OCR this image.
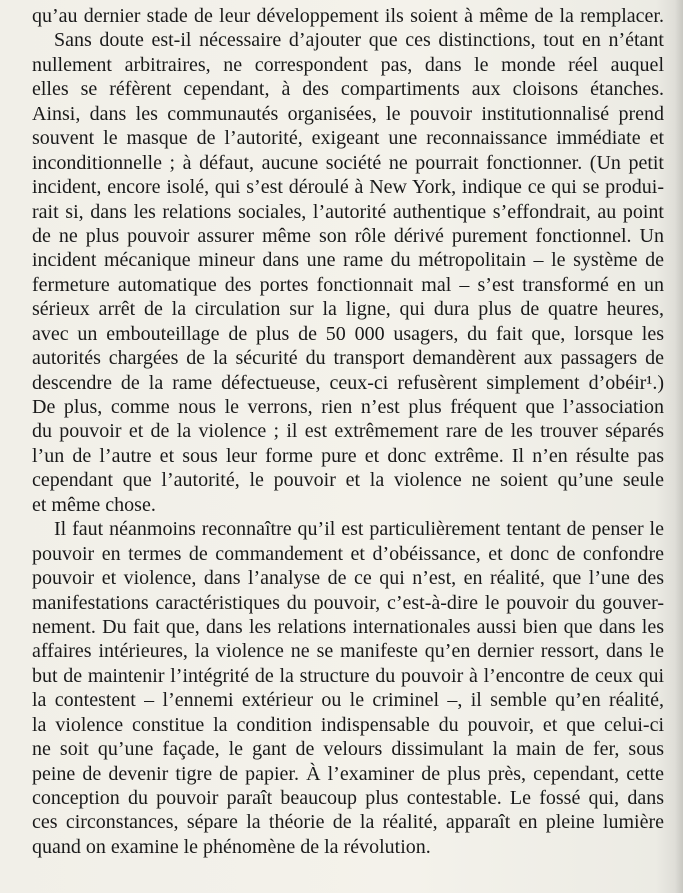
qu’au dernier stade de leur développement ils soient à même de la remplacer.
Sans doute est-il nécessaire d’ajouter que ces distinctions, tout en n’étant
nullement arbitraires, ne correspondent pas, dans le monde réel auquel
elles se réfèrent cependant, à des compartiments aux cloisons étanches.
Ainsi, dans les communautés organisées, le pouvoir institutionnalisé prend
souvent le masque de l’autorité, exigeant une reconnaissance immédiate et
inconditionnelle ; à défaut, aucune société ne pourrait fonctionner. (Un petit
incident, encore isolé, qui s’est déroulé à New York, indique ce qui se produi-
rait si, dans les relations sociales, l’autorité authentique s’effondrait, au point
de ne plus pouvoir assurer même son rôle dérivé purement fonctionnel. Un
incident mécanique mineur dans une rame du métropolitain – le système de
fermeture automatique des portes fonctionnait mal – s’est transformé en un
sérieux arrêt de la circulation sur la ligne, qui dura plus de quatre heures,
avec un embouteillage de plus de 50 000 usagers, du fait que, lorsque les
autorités chargées de la sécurité du transport demandèrent aux passagers de
descendre de la rame défectueuse, ceux-ci refusèrent simplement d’obéir¹.)
De plus, comme nous le verrons, rien n’est plus fréquent que l’association
du pouvoir et de la violence ; il est extrêmement rare de les trouver séparés
l’un de l’autre et sous leur forme pure et donc extrême. Il n’en résulte pas
cependant que l’autorité, le pouvoir et la violence ne soient qu’une seule
et même chose.
Il faut néanmoins reconnaître qu’il est particulièrement tentant de penser le
pouvoir en termes de commandement et d’obéissance, et donc de confondre
pouvoir et violence, dans l’analyse de ce qui n’est, en réalité, que l’une des
manifestations caractéristiques du pouvoir, c’est-à-dire le pouvoir du gouver-
nement. Du fait que, dans les relations internationales aussi bien que dans les
affaires intérieures, la violence ne se manifeste qu’en dernier ressort, dans le
but de maintenir l’intégrité de la structure du pouvoir à l’encontre de ceux qui
la contestent – l’ennemi extérieur ou le criminel –, il semble qu’en réalité,
la violence constitue la condition indispensable du pouvoir, et que celui-ci
ne soit qu’une façade, le gant de velours dissimulant la main de fer, sous
peine de devenir tigre de papier. À l’examiner de plus près, cependant, cette
conception du pouvoir paraît beaucoup plus contestable. Le fossé qui, dans
ces circonstances, sépare la théorie de la réalité, apparaît en pleine lumière
quand on examine le phénomène de la révolution.
